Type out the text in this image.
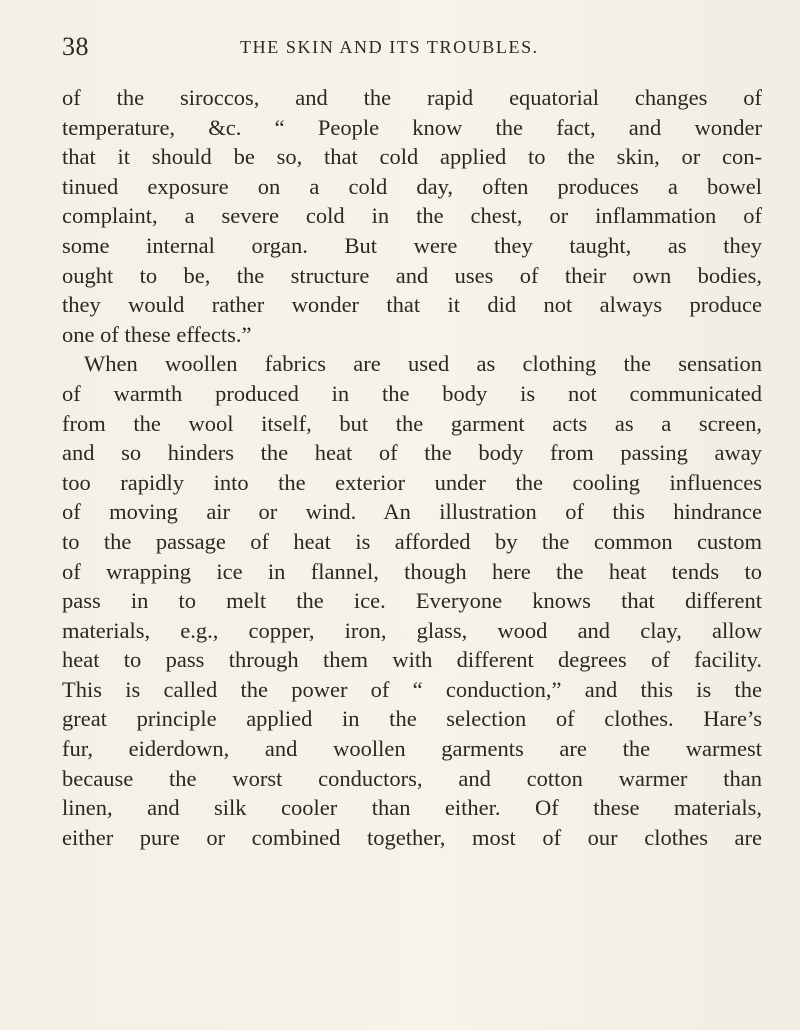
38	THE SKIN AND ITS TROUBLES.
of the siroccos, and the rapid equatorial changes of
temperature, &c. “ People know the fact, and wonder
that it should be so, that cold applied to the skin, or con-
tinued exposure on a cold day, often produces a bowel
complaint, a severe cold in the chest, or inflammation of
some internal organ. But were they taught, as they
ought to be, the structure and uses of their own bodies,
they would rather wonder that it did not always produce
one of these effects.”
When woollen fabrics are used as clothing the sensation
of warmth produced in the body is not communicated
from the wool itself, but the garment acts as a screen,
and so hinders the heat of the body from passing away
too rapidly into the exterior under the cooling influences
of moving air or wind. An illustration of this hindrance
to the passage of heat is afforded by the common custom
of wrapping ice in flannel, though here the heat tends to
pass in to melt the ice. Everyone knows that different
materials, e.g., copper, iron, glass, wood and clay, allow
heat to pass through them with different degrees of facility.
This is called the power of “ conduction,” and this is the
great principle applied in the selection of clothes. Hare’s
fur, eiderdown, and woollen garments are the warmest
because the worst conductors, and cotton warmer than
linen, and silk cooler than either. Of these materials,
either pure or combined together, most of our clothes are
